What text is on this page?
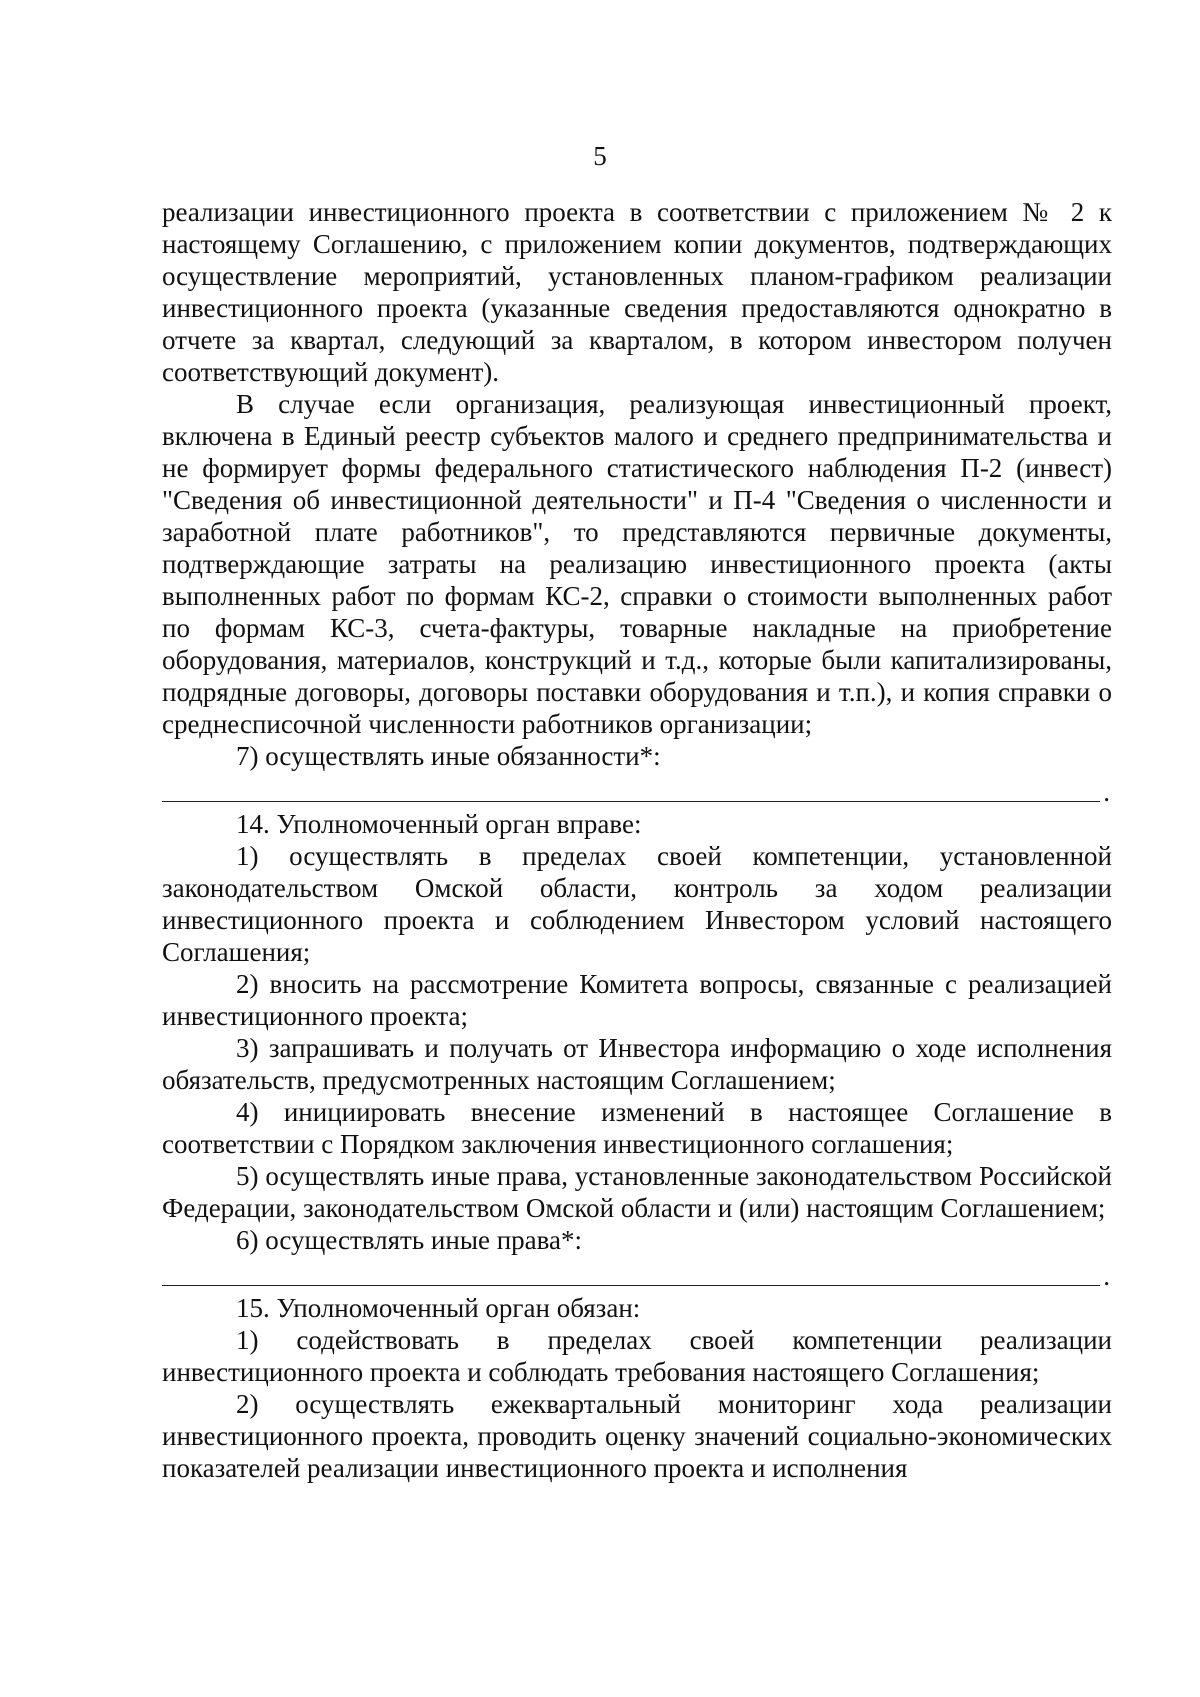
5

реализации инвестиционного проекта в соответствии с приложением № 2 к настоящему Соглашению, с приложением копии документов, подтверждающих осуществление мероприятий, установленных планом-графиком реализации инвестиционного проекта (указанные сведения предоставляются однократно в отчете за квартал, следующий за кварталом, в котором инвестором получен соответствующий документ).

В случае если организация, реализующая инвестиционный проект, включена в Единый реестр субъектов малого и среднего предпринимательства и не формирует формы федерального статистического наблюдения П-2 (инвест) "Сведения об инвестиционной деятельности" и П-4 "Сведения о численности и заработной плате работников", то представляются первичные документы, подтверждающие затраты на реализацию инвестиционного проекта (акты выполненных работ по формам КС-2, справки о стоимости выполненных работ по формам КС-3, счета-фактуры, товарные накладные на приобретение оборудования, материалов, конструкций и т.д., которые были капитализированы, подрядные договоры, договоры поставки оборудования и т.п.), и копия справки о среднесписочной численности работников организации;

7) осуществлять иные обязанности*:

.

14. Уполномоченный орган вправе:

1) осуществлять в пределах своей компетенции, установленной законодательством Омской области, контроль за ходом реализации инвестиционного проекта и соблюдением Инвестором условий настоящего Соглашения;

2) вносить на рассмотрение Комитета вопросы, связанные с реализацией инвестиционного проекта;

3) запрашивать и получать от Инвестора информацию о ходе исполнения обязательств, предусмотренных настоящим Соглашением;

4) инициировать внесение изменений в настоящее Соглашение в соответствии с Порядком заключения инвестиционного соглашения;

5) осуществлять иные права, установленные законодательством Российской Федерации, законодательством Омской области и (или) настоящим Соглашением;

6) осуществлять иные права*:

.

15. Уполномоченный орган обязан:

1) содействовать в пределах своей компетенции реализации инвестиционного проекта и соблюдать требования настоящего Соглашения;

2) осуществлять ежеквартальный мониторинг хода реализации инвестиционного проекта, проводить оценку значений социально-экономических показателей реализации инвестиционного проекта и исполнения
